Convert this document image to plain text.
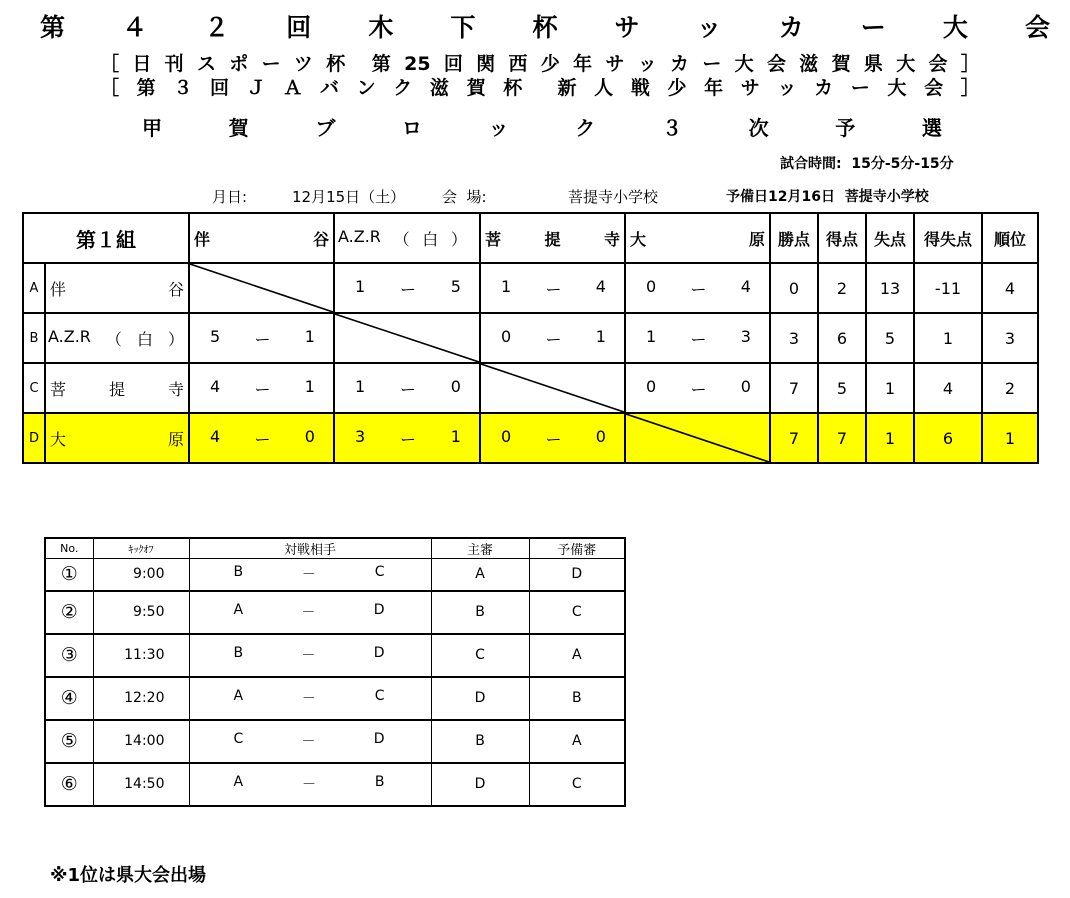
第 ４ ２ 回 木 下 杯 サ ッ カ ー 大 会
［ 日 刊 ス ポ ー ツ 杯 第 25 回 関 西 少 年 サ ッ カ ー 大 会 滋 賀 県 大 会 ］
［ 第 ３ 回 Ｊ Ａ バ ン ク 滋 賀 杯 新 人 戦 少 年 サ ッ カ ー 大 会 ］
甲	賀	ブ	ロ	ッ	ク	３	次	予	選
試合時間:  15分-5分-15分
月日:	12月15日（土） 会  場:	菩提寺小学校	予備日12月16日  菩提寺小学校
第１組		伴 谷	A.Z.R （ 白 ）	菩 提 寺	大 原	勝点	得点	失点	得失点	順位
A	伴 谷		1 ー 5	1 ー 4	0 ー 4	0	2	13	-11	4
B	A.Z.R （ 白 ）	5 ー 1		0 ー 1	1 ー 3	3	6	5	1	3
C	菩 提 寺	4 ー 1	1 ー 0		0 ー 0	7	5	1	4	2
D	大 原	4 ー 0	3 ー 1	0 ー 0		7	7	1	6	1
No.	ｷｯｸｵﾌ	対戦相手	主審	予備審
①	9:00	B － C	A	D
②	9:50	A － D	B	C
③	11:30	B － D	C	A
④	12:20	A － C	D	B
⑤	14:00	C － D	B	A
⑥	14:50	A － B	D	C
※1位は県大会出場
